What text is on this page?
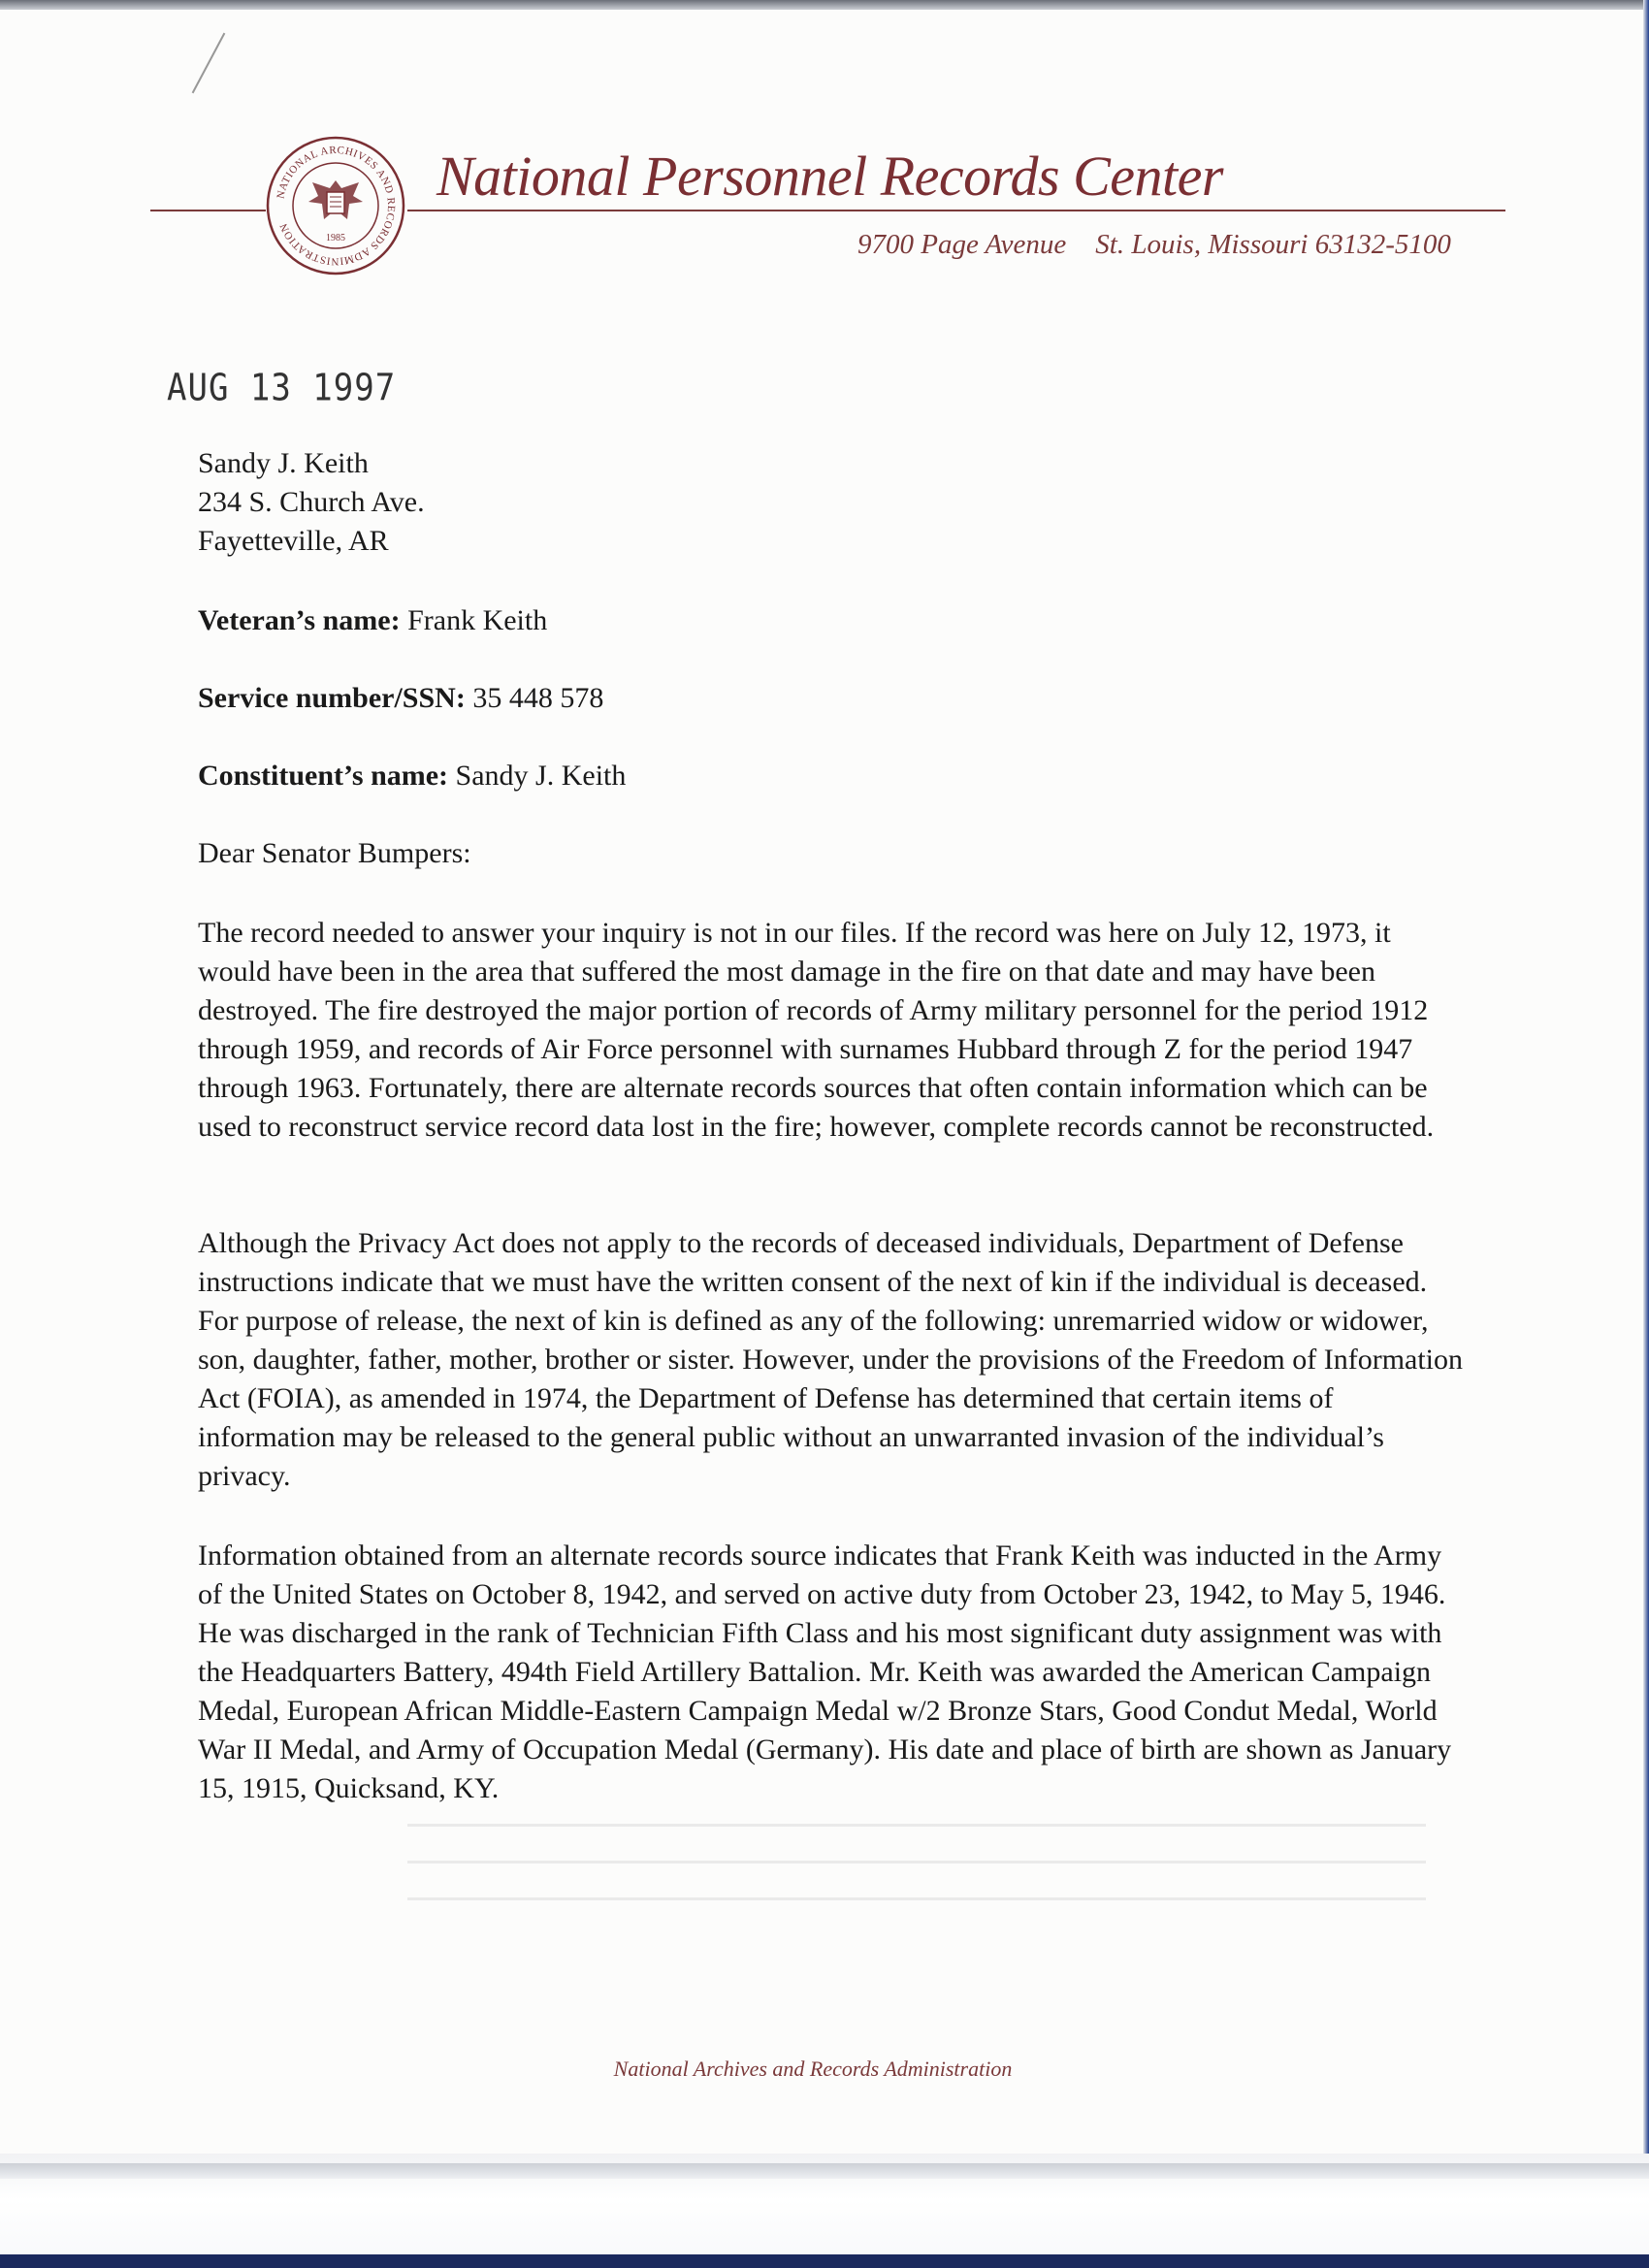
NATIONAL ARCHIVES AND RECORDS ADMINISTRATION
1985
National Personnel Records Center
9700 Page Avenue St. Louis, Missouri 63132-5100
AUG 13 1997
Sandy J. Keith
234 S. Church Ave.
Fayetteville, AR
Veteran’s name: Frank Keith
Service number/SSN: 35 448 578
Constituent’s name: Sandy J. Keith
Dear Senator Bumpers:

The record needed to answer your inquiry is not in our files. If the record was here on July 12, 1973, it would have been in the area that suffered the most damage in the fire on that date and may have been destroyed. The fire destroyed the major portion of records of Army military personnel for the period 1912 through 1959, and records of Air Force personnel with surnames Hubbard through Z for the period 1947 through 1963. Fortunately, there are alternate records sources that often contain information which can be used to reconstruct service record data lost in the fire; however, complete records cannot be reconstructed.

Although the Privacy Act does not apply to the records of deceased individuals, Department of Defense instructions indicate that we must have the written consent of the next of kin if the individual is deceased. For purpose of release, the next of kin is defined as any of the following: unremarried widow or widower, son, daughter, father, mother, brother or sister. However, under the provisions of the Freedom of Information Act (FOIA), as amended in 1974, the Department of Defense has determined that certain items of information may be released to the general public without an unwarranted invasion of the individual’s privacy.

Information obtained from an alternate records source indicates that Frank Keith was inducted in the Army of the United States on October 8, 1942, and served on active duty from October 23, 1942, to May 5, 1946. He was discharged in the rank of Technician Fifth Class and his most significant duty assignment was with the Headquarters Battery, 494th Field Artillery Battalion. Mr. Keith was awarded the American Campaign Medal, European African Middle-Eastern Campaign Medal w/2 Bronze Stars, Good Condut Medal, World War II Medal, and Army of Occupation Medal (Germany). His date and place of birth are shown as January 15, 1915, Quicksand, KY.

National Archives and Records Administration
